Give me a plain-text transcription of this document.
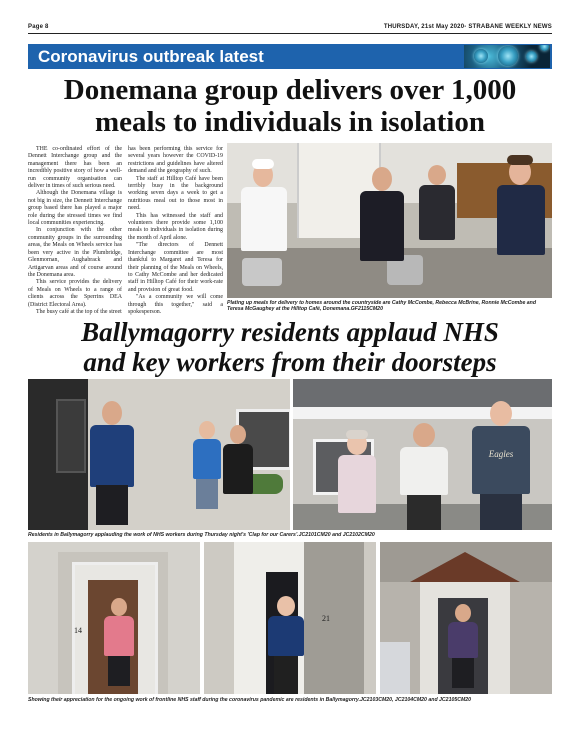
Page 8	THURSDAY, 21st May 2020- STRABANE WEEKLY NEWS
Coronavirus outbreak latest
Donemana group delivers over 1,000
meals to individuals in isolation

THE co-ordinated effort of the Dennett Interchange group and the management there has been an incredibly positive story of how a well-run community organisation can deliver in times of such serious need.

Although the Donemana village is not big in size, the Dennett Interchange group based there has played a major role during the stressed times we find local communities experiencing.

In conjunction with the other community groups in the surrounding areas, the Meals on Wheels service has been very active in the Plumbridge, Glenmornan, Aughabrack and Artigarvan areas and of course around the Donemana area.

This service provides the delivery of Meals on Wheels to a range of clients across the Sperrins DEA (District Electoral Area).

The busy café at the top of the street

has been performing this service for several years however the COVID-19 restrictions and guidelines have altered demand and the geography of such.

The staff at Hilltop Café have been terribly busy in the background working seven days a week to get a nutritious meal out to those most in need.

This has witnessed the staff and volunteers there provide some 1,100 meals to individuals in isolation during the month of April alone.

"The directors of Dennett Interchange committee are most thankful to Margaret and Teresa for their planning of the Meals on Wheels, to Cathy McCombe and her dedicated staff in Hilltop Café for their work-rate and provision of great food.

"As a community we will come through this together," said a spokesperson.

Plating up meals for delivery to homes around the countryside are Cathy McCombe, Rebecca McBrine, Ronnie McCombe and Teresa McGaughey at the Hilltop Café, Donemana.GF2115CM20
Ballymagorry residents applaud NHS
and key workers from their doorsteps
Eagles
Residents in Ballymagorry applauding the work of NHS workers during Thursday night's 'Clap for our Carers'.JC2101CM20 and JC2102CM20
14
21
Showing their appreciation for the ongoing work of frontline NHS staff during the coronavirus pandemic are residents in Ballymagorry.JC2103CM20, JC2104CM20 and JC2105CM20
